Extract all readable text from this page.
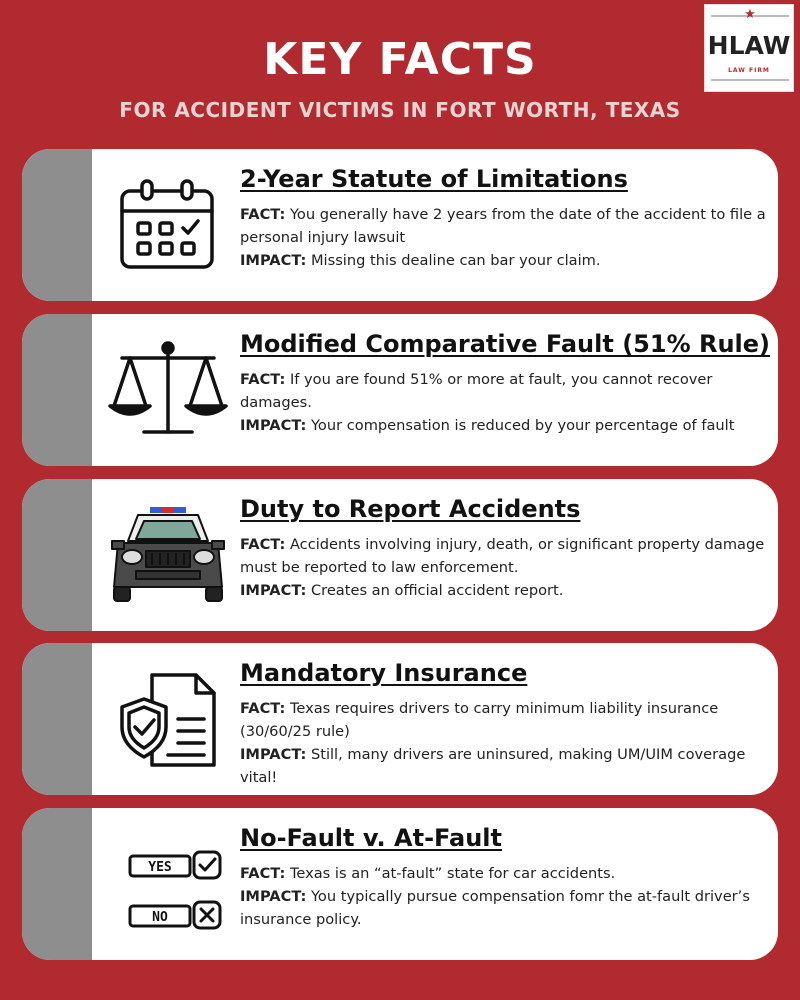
KEY FACTS
FOR ACCIDENT VICTIMS IN FORT WORTH, TEXAS
★
HLAW
LAW FIRM
2-Year Statute of Limitations

FACT: You generally have 2 years from the date of the accident to file a personal injury lawsuit

IMPACT: Missing this dealine can bar your claim.

Modified Comparative Fault (51% Rule)

FACT: If you are found 51% or more at fault, you cannot recover damages.

IMPACT: Your compensation is reduced by your percentage of fault

Duty to Report Accidents

FACT: Accidents involving injury, death, or significant property damage must be reported to law enforcement.

IMPACT: Creates an official accident report.

Mandatory Insurance

FACT: Texas requires drivers to carry minimum liability insurance (30/60/25 rule)

IMPACT: Still, many drivers are uninsured, making UM/UIM coverage vital!

YES
NO
No-Fault v. At-Fault

FACT: Texas is an “at-fault” state for car accidents.

IMPACT: You typically pursue compensation fomr the at-fault driver’s insurance policy.
